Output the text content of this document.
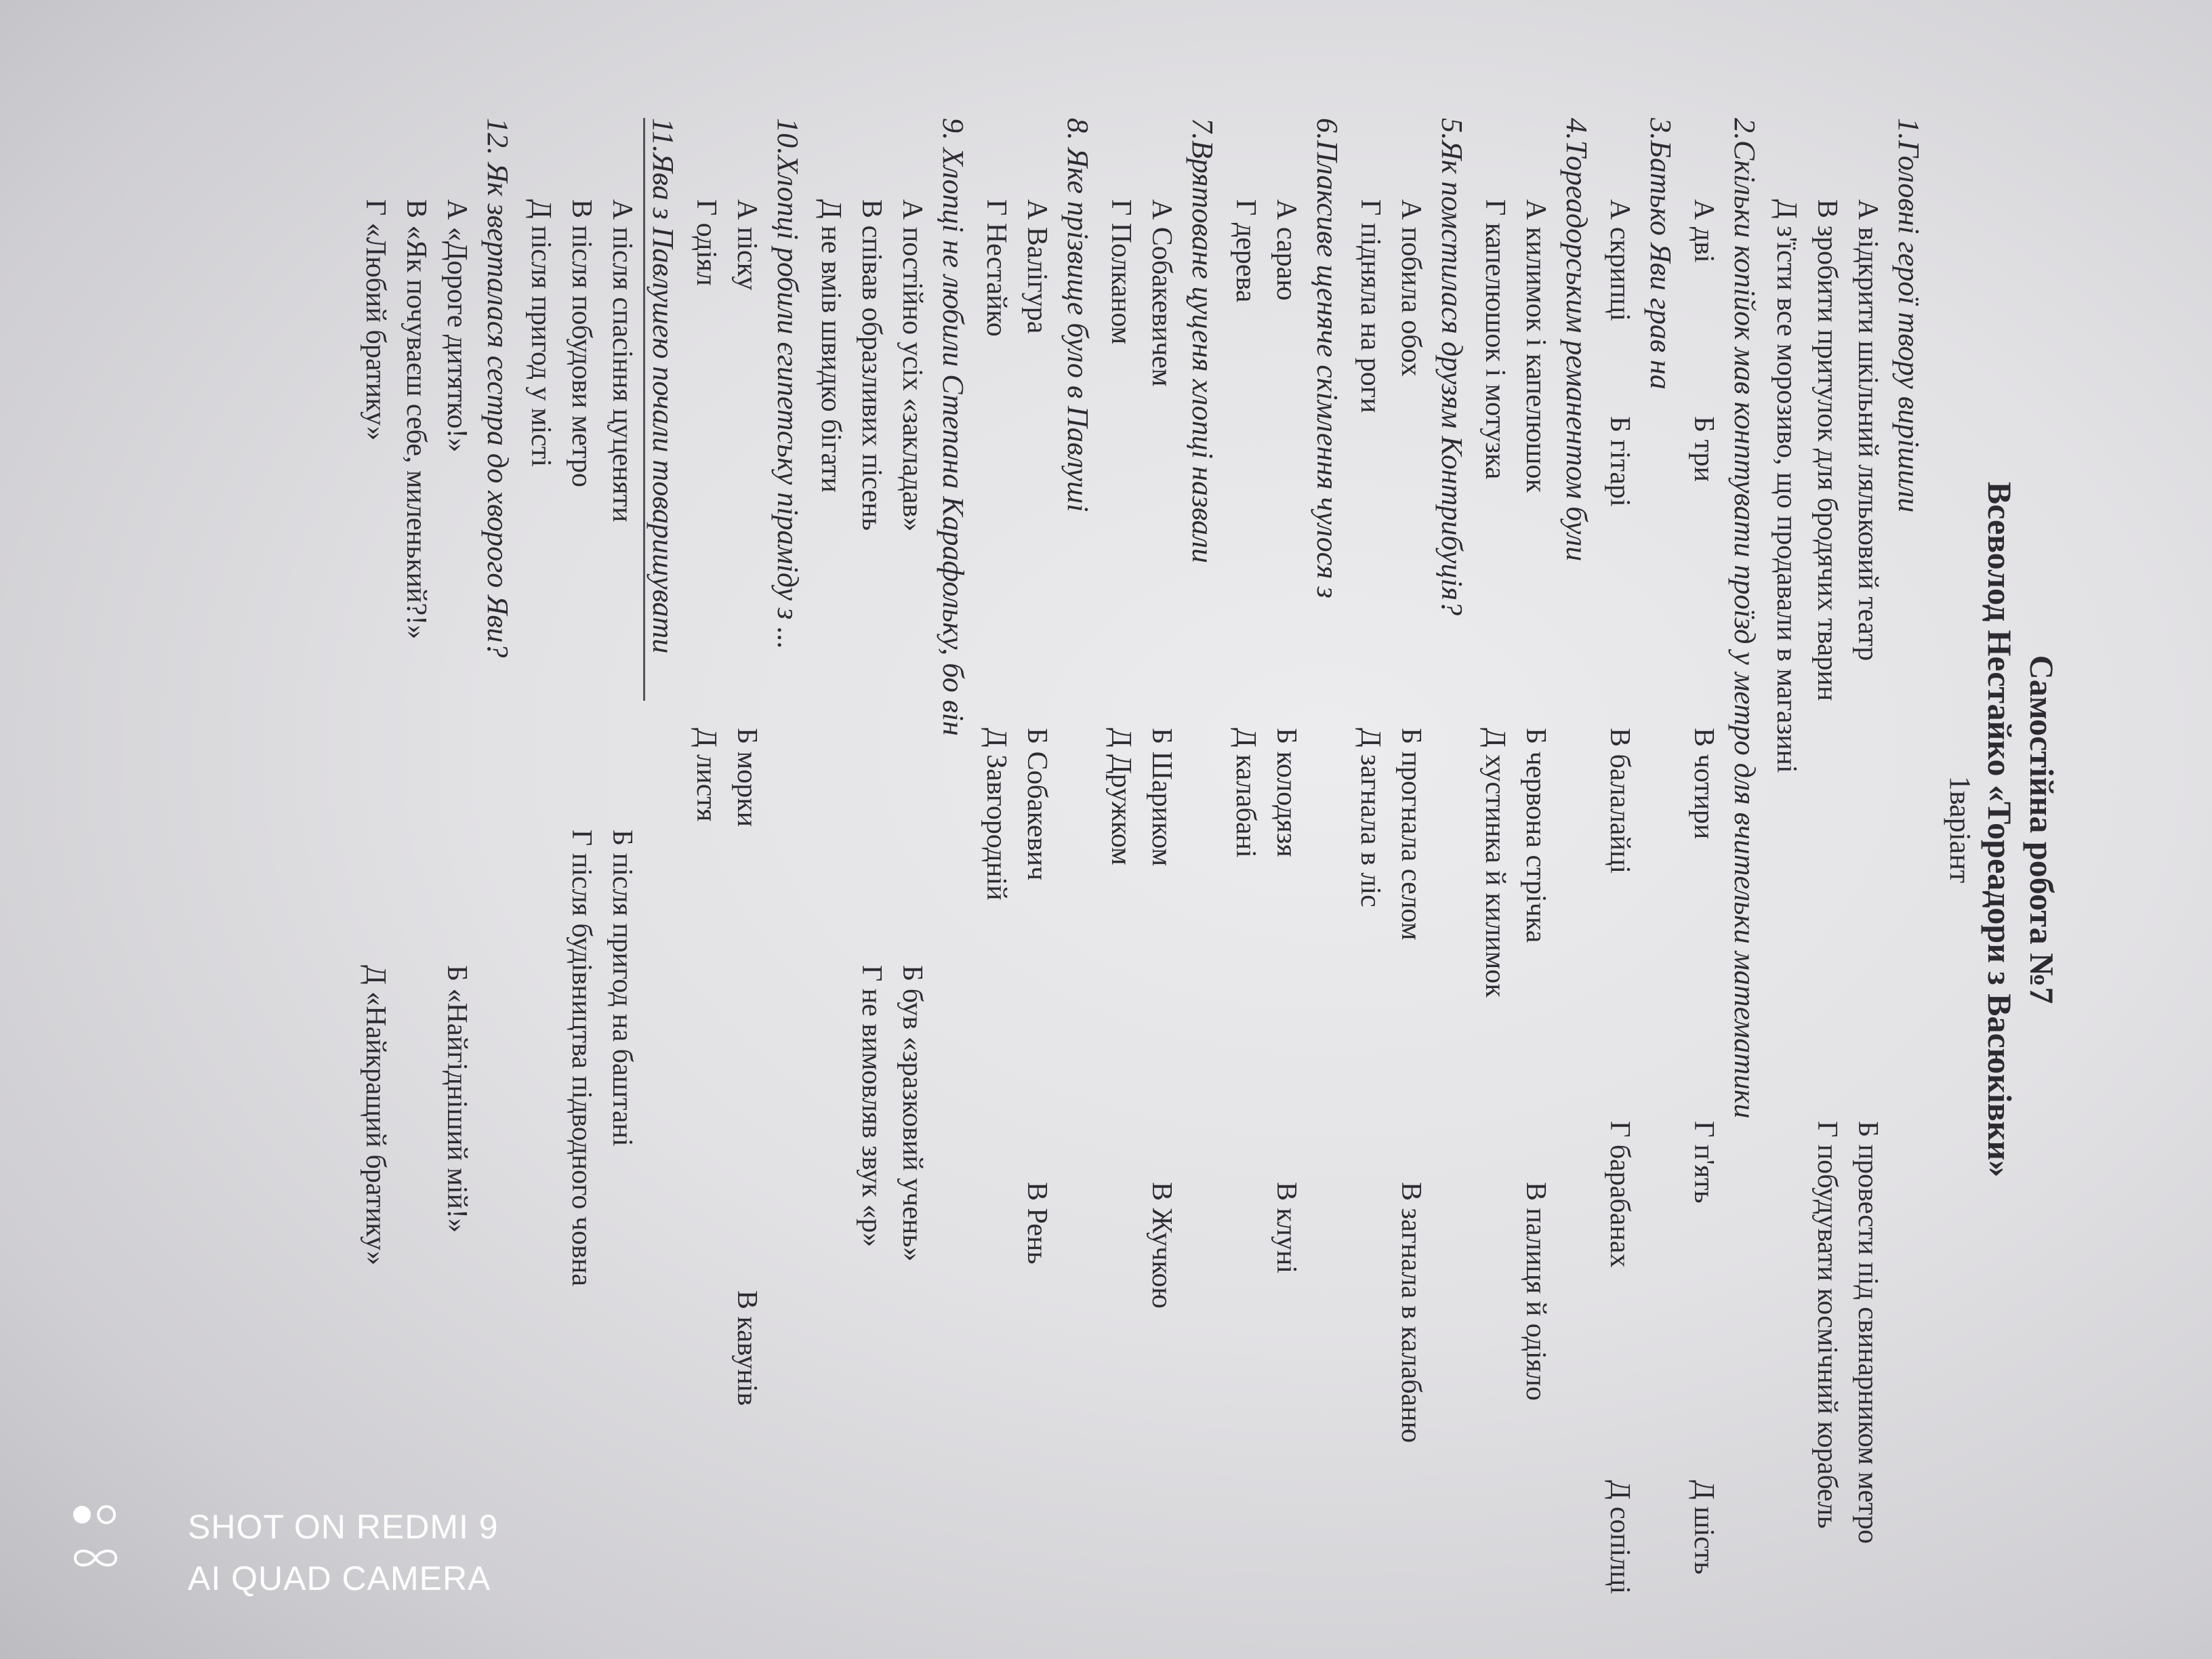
Самостійна робота №7
Всеволод Нестайко «Тореадори з Васюківки»
1варіант
1.Головні герої твору вирішили
А відкрити шкільний ляльковий театр
Б провести під свинарником метро
В зробити притулок для бродячих тварин
Г побудувати космічний корабель
Д з'їсти все морозиво, що продавали в магазині
2.Скільки копійок мав конптувати проїзд у метро для вчительки математики
А дві
Б три
В чотири
Г п'ять
Д шість
3.Батько Яви грав на
А скрипці
Б гітарі
В балалайці
Г барабанах
Д сопілці
4.Тореадорським реманентом були
А килимок і капелюшок
Б червона стрічка
В палиця й одіяло
Г капелюшок і мотузка
Д хустинка й килимок
5.Як помстилася друзям Контрибуція?
А побила обох
Б прогнала селом
В загнала в калабаню
Г підняла на роги
Д загнала в ліс
6.Плаксиве щеняче скімлення чулося з
А сараю
Б колодязя
В клуні
Г дерева
Д калабані
7.Врятоване цуценя хлопці назвали
А Собакевичем
Б Шариком
В Жучкою
Г Полканом
Д Дружком
8. Яке прізвище було в Павлуші
А Валігура
Б Собакевич
В Рень
Г Нестайко
Д Завгородній
9. Хлопці не любили Степана Карафольку, бо він
А постійно усіх «закладав»
Б був «зразковий учень»
В співав образливих пісень
Г не вимовляв звук «р»
Д не вмів швидко бігати
10.Хлопці робили єгипетську піраміду з ...
А піску
Б морки
В кавунів
Г одіял
Д листя
11.Ява з Павлушею почали товаришувати
А після спасіння цуценяти
Б після пригод на баштані
В після побудови метро
Г після будівництва підводного човна
Д після пригод у місті
12. Як зверталася сестра до хворого Яви?
А «Дорогe дитятко!»
Б «Найгідніший мій!»
В «Як почуваєш себе, миленький?!»
Г «Любий братику»
Д «Найкращий братику»
SHOT ON REDMI 9
AI QUAD CAMERA
